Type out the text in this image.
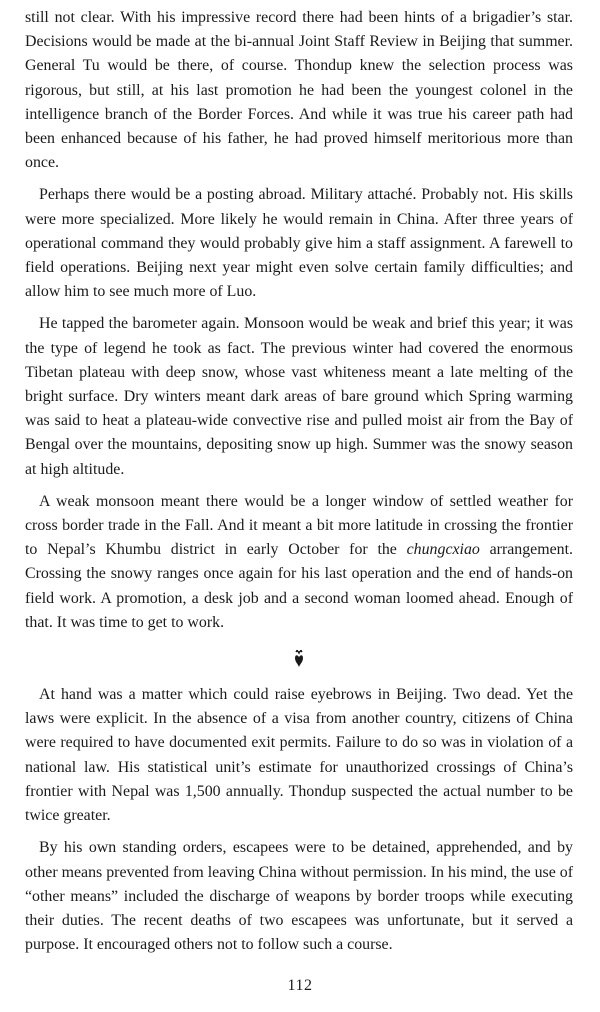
still not clear. With his impressive record there had been hints of a brigadier’s star. Decisions would be made at the bi-annual Joint Staff Review in Beijing that summer. General Tu would be there, of course. Thondup knew the selection process was rigorous, but still, at his last promotion he had been the youngest colonel in the intelligence branch of the Border Forces. And while it was true his career path had been enhanced because of his father, he had proved himself meritorious more than once.

Perhaps there would be a posting abroad. Military attaché. Probably not. His skills were more specialized. More likely he would remain in China. After three years of operational command they would probably give him a staff assignment. A farewell to field operations. Beijing next year might even solve certain family difficulties; and allow him to see much more of Luo.

He tapped the barometer again. Monsoon would be weak and brief this year; it was the type of legend he took as fact. The previous winter had covered the enormous Tibetan plateau with deep snow, whose vast whiteness meant a late melting of the bright surface. Dry winters meant dark areas of bare ground which Spring warming was said to heat a plateau-wide convective rise and pulled moist air from the Bay of Bengal over the mountains, depositing snow up high. Summer was the snowy season at high altitude.

A weak monsoon meant there would be a longer window of settled weather for cross border trade in the Fall. And it meant a bit more latitude in crossing the frontier to Nepal’s Khumbu district in early October for the chungcxiao arrangement. Crossing the snowy ranges once again for his last operation and the end of hands-on field work. A promotion, a desk job and a second woman loomed ahead. Enough of that. It was time to get to work.

At hand was a matter which could raise eyebrows in Beijing. Two dead. Yet the laws were explicit. In the absence of a visa from another country, citizens of China were required to have documented exit permits. Failure to do so was in violation of a national law. His statistical unit’s estimate for unauthorized crossings of China’s frontier with Nepal was 1,500 annually. Thondup suspected the actual number to be twice greater.

By his own standing orders, escapees were to be detained, apprehended, and by other means prevented from leaving China without permission. In his mind, the use of “other means” included the discharge of weapons by border troops while executing their duties. The recent deaths of two escapees was unfortunate, but it served a purpose. It encouraged others not to follow such a course.

112
